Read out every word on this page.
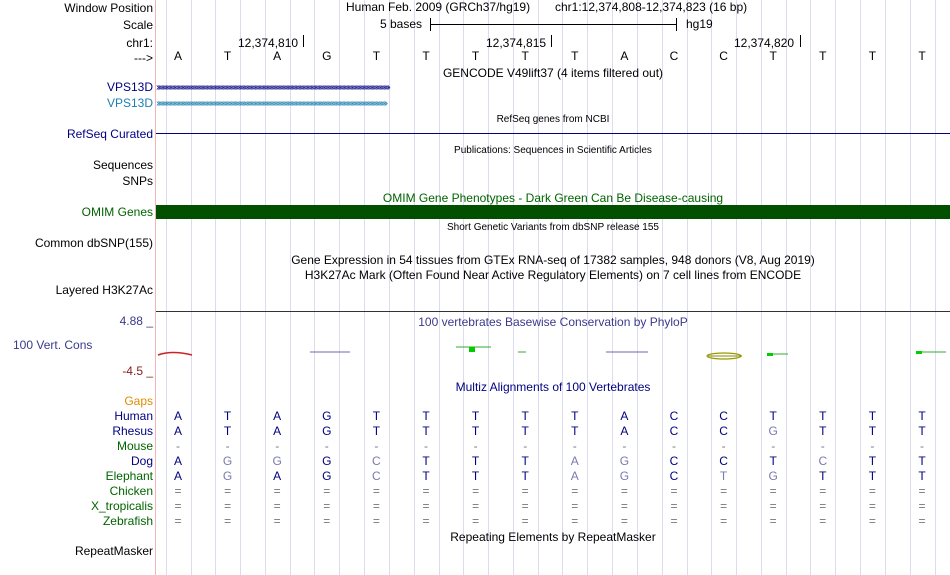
Window Position
Scale
chr1:
--->
Human Feb. 2009 (GRCh37/hg19) chr1:12,374,808-12,374,823 (16 bp)
5 bases	hg19
12,374,810	12,374,815	12,374,820
A	T	A	G	T	T	T	T	T	A	C	C	T	T	T	T
GENCODE V49lift37 (4 items filtered out)
VPS13D ›››››››››››››››››››››››››››››››››››››››››››››››››››››››››››››››››››››››››››››››››››››››››››››››››››››››››››››››››››››››››››››››››››››››››››››››››››››››››››››››››››››››››››››››
VPS13D ›››››››››››››››››››››››››››››››››››››››››››››››››››››››››››››››››››››››››››››››››››››››››››››››››››››››››››››››››››››››››››››››››››››››››››››››››››››››››››››››››››››››››››››
RefSeq genes from NCBI
RefSeq Curated
Publications: Sequences in Scientific Articles
Sequences
SNPs
OMIM Gene Phenotypes - Dark Green Can Be Disease-causing
OMIM Genes
Short Genetic Variants from dbSNP release 155
Common dbSNP(155)
Gene Expression in 54 tissues from GTEx RNA-seq of 17382 samples, 948 donors (V8, Aug 2019)
H3K27Ac Mark (Often Found Near Active Regulatory Elements) on 7 cell lines from ENCODE
Layered H3K27Ac
4.88 _	100 vertebrates Basewise Conservation by PhyloP
100 Vert. Cons
-4.5 _
Multiz Alignments of 100 Vertebrates
Gaps
Human A	T	A	G	T	T	T	T	T	A	C	C	T	T	T	T
Rhesus A	T	A	G	T	T	T	T	T	A	C	C	G	T	T	T
Mouse	-	-	-	-	-	-	-	-	-	-	-	-	-	-	-	-
Dog A	G	G	G	C	T	T	T	A	G	C	C	T	C	T	T
Elephant A	G	A	G	C	T	T	T	A	G	C	T	G	T	T	T
Chicken =	=	=	=	=	=	=	=	=	=	=	=	=	=	=	=
X_tropicalis =	=	=	=	=	=	=	=	=	=	=	=	=	=	=	=
Zebrafish =	=	=	=	=	=	=	=	=	=	=	=	=	=	=	=
Repeating Elements by RepeatMasker
RepeatMasker
